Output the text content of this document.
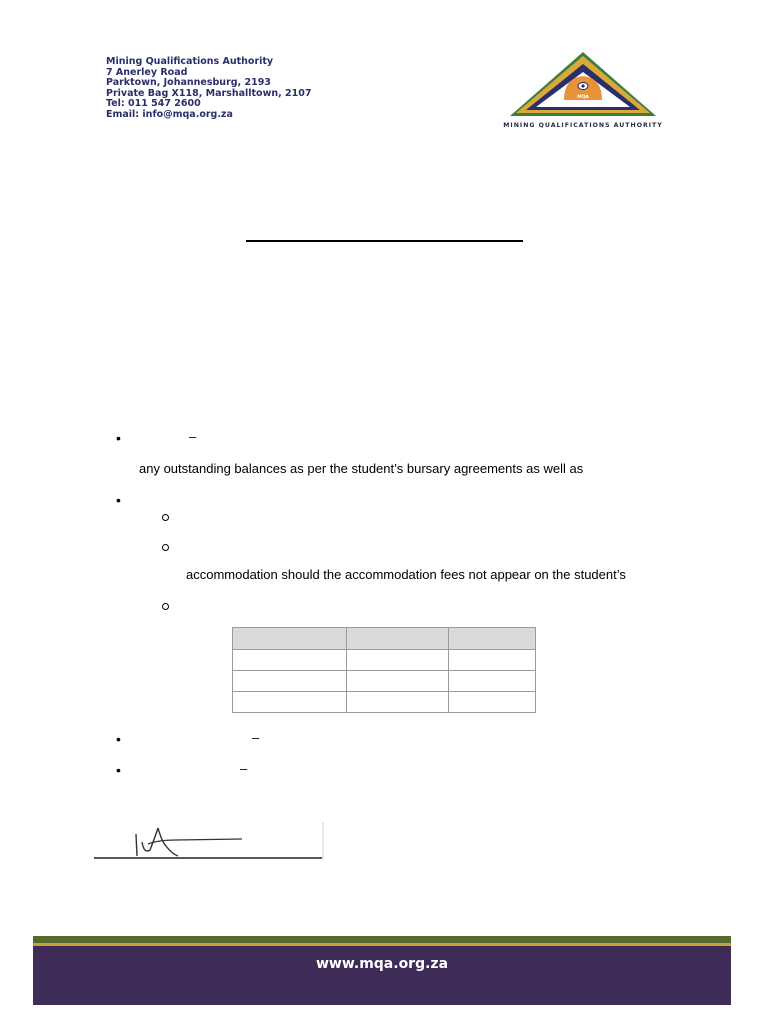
Mining Qualifications Authority
7 Anerley Road
Parktown, Johannesburg, 2193
Private Bag X118, Marshalltown, 2107
Tel: 011 547 2600
Email: info@mqa.org.za
MQA
MINING QUALIFICATIONS AUTHORITY
•	–
any outstanding balances as per the student’s bursary agreements as well as
•
accommodation should the accommodation fees not appear on the student’s

•	–
•	–
www.mqa.org.za
